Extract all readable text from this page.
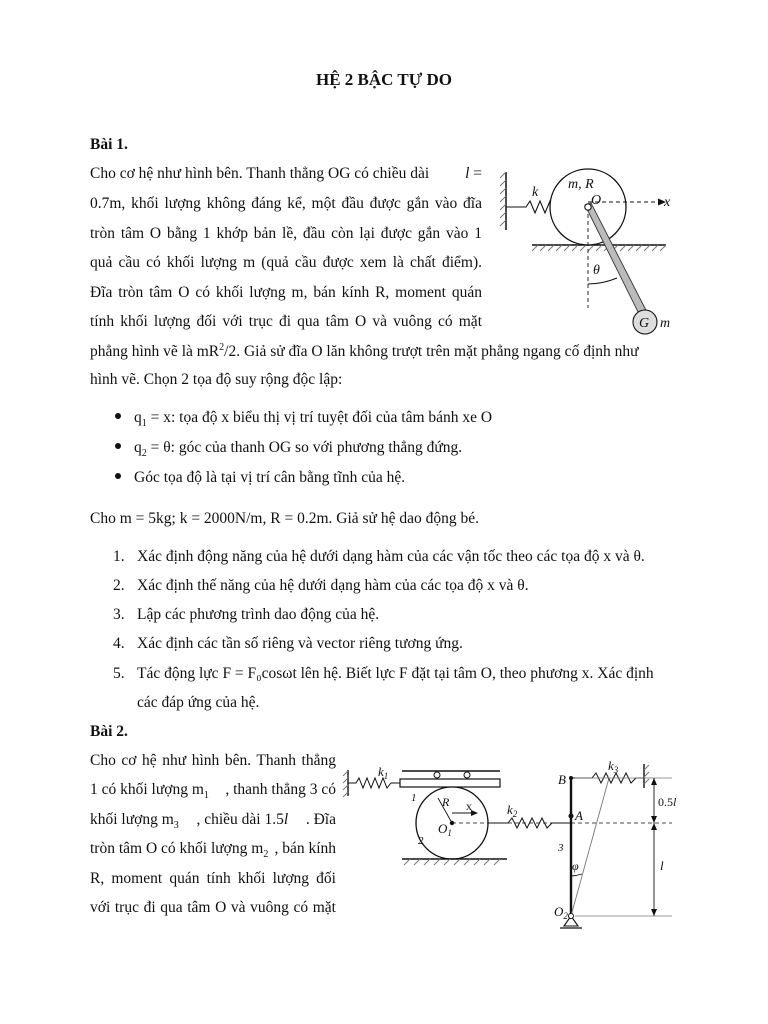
HỆ 2 BẬC TỰ DO
Bài 1.
Cho cơ hệ như hình bên. Thanh thẳng OG có chiều dài l =
0.7m, khối lượng không đáng kể, một đầu được gắn vào đĩa
tròn tâm O bằng 1 khớp bản lề, đầu còn lại được gắn vào 1
quả cầu có khối lượng m (quả cầu được xem là chất điểm).
Đĩa tròn tâm O có khối lượng m, bán kính R, moment quán
tính khối lượng đối với trục đi qua tâm O và vuông có mặt
phẳng hình vẽ là $mR^2/2$. Giả sử đĩa O lăn không trượt trên mặt phẳng ngang cố định như
hình vẽ. Chọn 2 tọa độ suy rộng độc lập:
$q_1 = x$: tọa độ x biểu thị vị trí tuyệt đối của tâm bánh xe O
$q_2 = \theta$: góc của thanh OG so với phương thẳng đứng.
Góc tọa độ là tại vị trí cân bằng tĩnh của hệ.
Cho m = 5kg; k = 2000N/m, R = 0.2m. Giả sử hệ dao động bé.
1. Xác định động năng của hệ dưới dạng hàm của các vận tốc theo các tọa độ x và θ.
2. Xác định thế năng của hệ dưới dạng hàm của các tọa độ x và θ.
3. Lập các phương trình dao động của hệ.
4. Xác định các tần số riêng và vector riêng tương ứng.
5. Tác động lực F = F₀cosωt lên hệ. Biết lực F đặt tại tâm O, theo phương x. Xác định
các đáp ứng của hệ.
k
m, R
O	x
θ
G m
Bài 2.
Cho cơ hệ như hình bên. Thanh thẳng
1 có khối lượng $m_1$ , thanh thẳng 3 có
khối lượng $m_3$ , chiều dài 1.5l . Đĩa
tròn tâm O có khối lượng $m_2$ , bán kính
R, moment quán tính khối lượng đối
với trục đi qua tâm O và vuông có mặt
$k_1$
1 R x
$O_1$
2
$k_2$	A
B
$k_3$
3
φ
$O_2$
0.5l
l
